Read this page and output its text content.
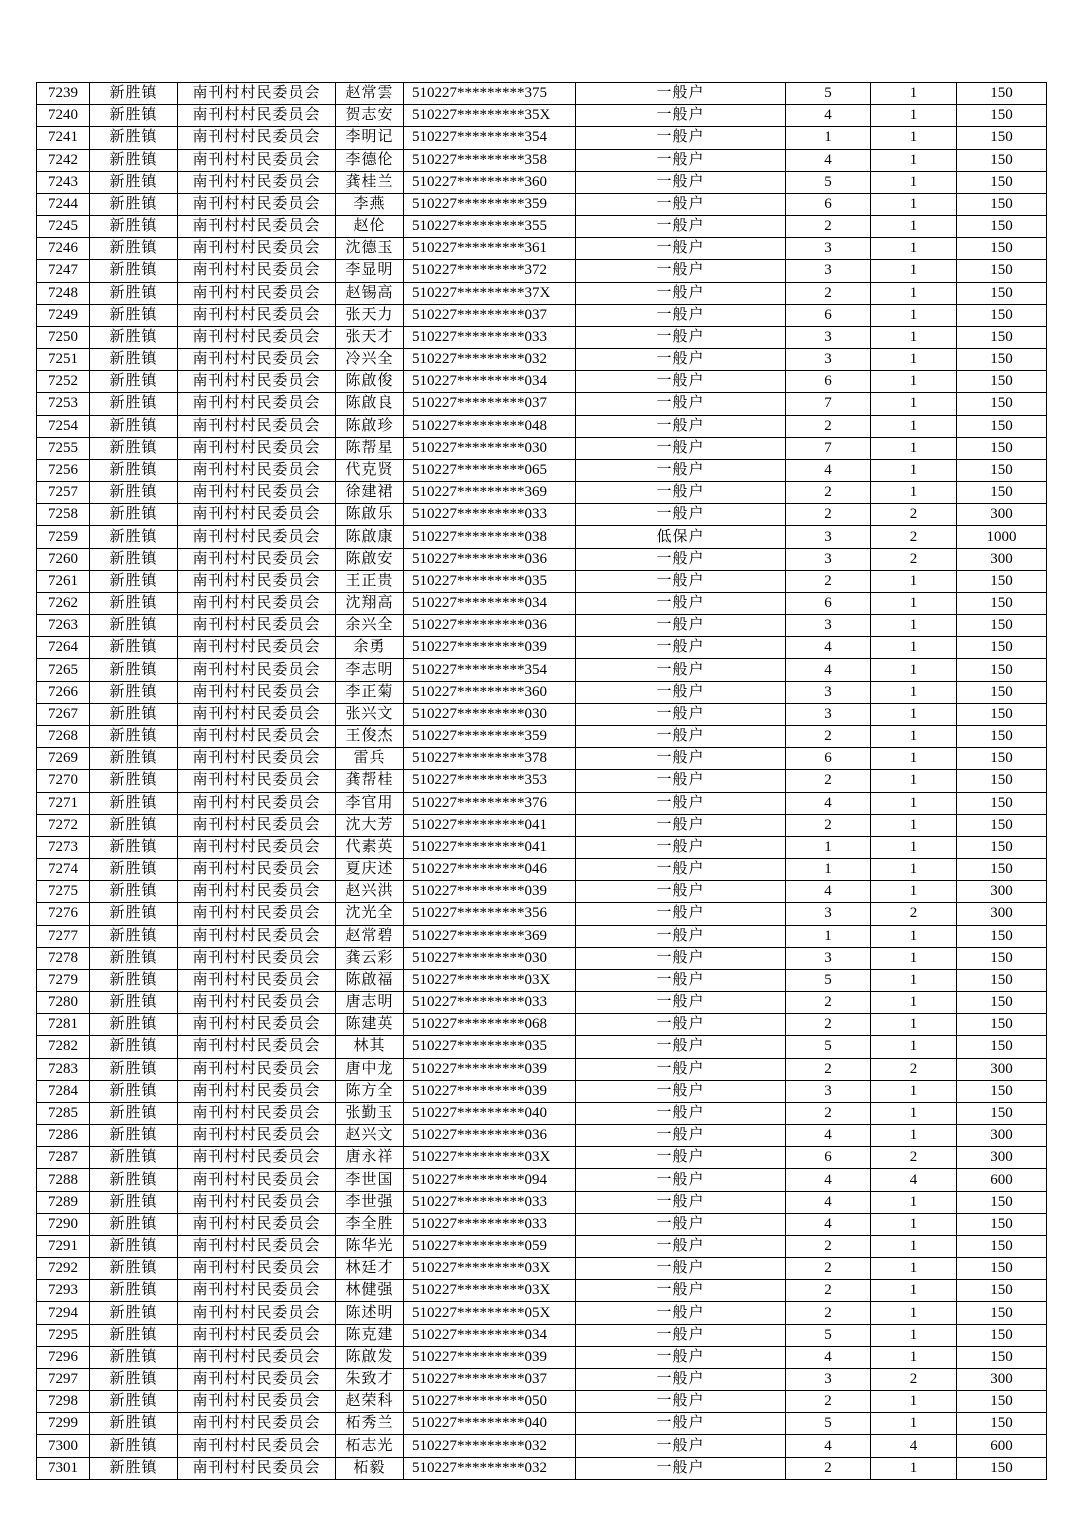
7239	新胜镇	南刊村村民委员会	赵常雲	510227*********375	一般户	5	1	150
7240	新胜镇	南刊村村民委员会	贺志安	510227*********35X	一般户	4	1	150
7241	新胜镇	南刊村村民委员会	李明记	510227*********354	一般户	1	1	150
7242	新胜镇	南刊村村民委员会	李德伦	510227*********358	一般户	4	1	150
7243	新胜镇	南刊村村民委员会	龚桂兰	510227*********360	一般户	5	1	150
7244	新胜镇	南刊村村民委员会	李燕	510227*********359	一般户	6	1	150
7245	新胜镇	南刊村村民委员会	赵伦	510227*********355	一般户	2	1	150
7246	新胜镇	南刊村村民委员会	沈德玉	510227*********361	一般户	3	1	150
7247	新胜镇	南刊村村民委员会	李显明	510227*********372	一般户	3	1	150
7248	新胜镇	南刊村村民委员会	赵锡高	510227*********37X	一般户	2	1	150
7249	新胜镇	南刊村村民委员会	张天力	510227*********037	一般户	6	1	150
7250	新胜镇	南刊村村民委员会	张天才	510227*********033	一般户	3	1	150
7251	新胜镇	南刊村村民委员会	冷兴全	510227*********032	一般户	3	1	150
7252	新胜镇	南刊村村民委员会	陈啟俊	510227*********034	一般户	6	1	150
7253	新胜镇	南刊村村民委员会	陈啟良	510227*********037	一般户	7	1	150
7254	新胜镇	南刊村村民委员会	陈啟珍	510227*********048	一般户	2	1	150
7255	新胜镇	南刊村村民委员会	陈帮星	510227*********030	一般户	7	1	150
7256	新胜镇	南刊村村民委员会	代克贤	510227*********065	一般户	4	1	150
7257	新胜镇	南刊村村民委员会	徐建裙	510227*********369	一般户	2	1	150
7258	新胜镇	南刊村村民委员会	陈啟乐	510227*********033	一般户	2	2	300
7259	新胜镇	南刊村村民委员会	陈啟康	510227*********038	低保户	3	2	1000
7260	新胜镇	南刊村村民委员会	陈啟安	510227*********036	一般户	3	2	300
7261	新胜镇	南刊村村民委员会	王正贵	510227*********035	一般户	2	1	150
7262	新胜镇	南刊村村民委员会	沈翔高	510227*********034	一般户	6	1	150
7263	新胜镇	南刊村村民委员会	余兴全	510227*********036	一般户	3	1	150
7264	新胜镇	南刊村村民委员会	余勇	510227*********039	一般户	4	1	150
7265	新胜镇	南刊村村民委员会	李志明	510227*********354	一般户	4	1	150
7266	新胜镇	南刊村村民委员会	李正菊	510227*********360	一般户	3	1	150
7267	新胜镇	南刊村村民委员会	张兴文	510227*********030	一般户	3	1	150
7268	新胜镇	南刊村村民委员会	王俊杰	510227*********359	一般户	2	1	150
7269	新胜镇	南刊村村民委员会	雷兵	510227*********378	一般户	6	1	150
7270	新胜镇	南刊村村民委员会	龚帮桂	510227*********353	一般户	2	1	150
7271	新胜镇	南刊村村民委员会	李官用	510227*********376	一般户	4	1	150
7272	新胜镇	南刊村村民委员会	沈大芳	510227*********041	一般户	2	1	150
7273	新胜镇	南刊村村民委员会	代素英	510227*********041	一般户	1	1	150
7274	新胜镇	南刊村村民委员会	夏庆述	510227*********046	一般户	1	1	150
7275	新胜镇	南刊村村民委员会	赵兴洪	510227*********039	一般户	4	1	300
7276	新胜镇	南刊村村民委员会	沈光全	510227*********356	一般户	3	2	300
7277	新胜镇	南刊村村民委员会	赵常碧	510227*********369	一般户	1	1	150
7278	新胜镇	南刊村村民委员会	龚云彩	510227*********030	一般户	3	1	150
7279	新胜镇	南刊村村民委员会	陈啟福	510227*********03X	一般户	5	1	150
7280	新胜镇	南刊村村民委员会	唐志明	510227*********033	一般户	2	1	150
7281	新胜镇	南刊村村民委员会	陈建英	510227*********068	一般户	2	1	150
7282	新胜镇	南刊村村民委员会	林其	510227*********035	一般户	5	1	150
7283	新胜镇	南刊村村民委员会	唐中龙	510227*********039	一般户	2	2	300
7284	新胜镇	南刊村村民委员会	陈方全	510227*********039	一般户	3	1	150
7285	新胜镇	南刊村村民委员会	张勤玉	510227*********040	一般户	2	1	150
7286	新胜镇	南刊村村民委员会	赵兴文	510227*********036	一般户	4	1	300
7287	新胜镇	南刊村村民委员会	唐永祥	510227*********03X	一般户	6	2	300
7288	新胜镇	南刊村村民委员会	李世国	510227*********094	一般户	4	4	600
7289	新胜镇	南刊村村民委员会	李世强	510227*********033	一般户	4	1	150
7290	新胜镇	南刊村村民委员会	李全胜	510227*********033	一般户	4	1	150
7291	新胜镇	南刊村村民委员会	陈华光	510227*********059	一般户	2	1	150
7292	新胜镇	南刊村村民委员会	林廷才	510227*********03X	一般户	2	1	150
7293	新胜镇	南刊村村民委员会	林健强	510227*********03X	一般户	2	1	150
7294	新胜镇	南刊村村民委员会	陈述明	510227*********05X	一般户	2	1	150
7295	新胜镇	南刊村村民委员会	陈克建	510227*********034	一般户	5	1	150
7296	新胜镇	南刊村村民委员会	陈啟发	510227*********039	一般户	4	1	150
7297	新胜镇	南刊村村民委员会	朱致才	510227*********037	一般户	3	2	300
7298	新胜镇	南刊村村民委员会	赵荣科	510227*********050	一般户	2	1	150
7299	新胜镇	南刊村村民委员会	柘秀兰	510227*********040	一般户	5	1	150
7300	新胜镇	南刊村村民委员会	柘志光	510227*********032	一般户	4	4	600
7301	新胜镇	南刊村村民委员会	柘毅	510227*********032	一般户	2	1	150
